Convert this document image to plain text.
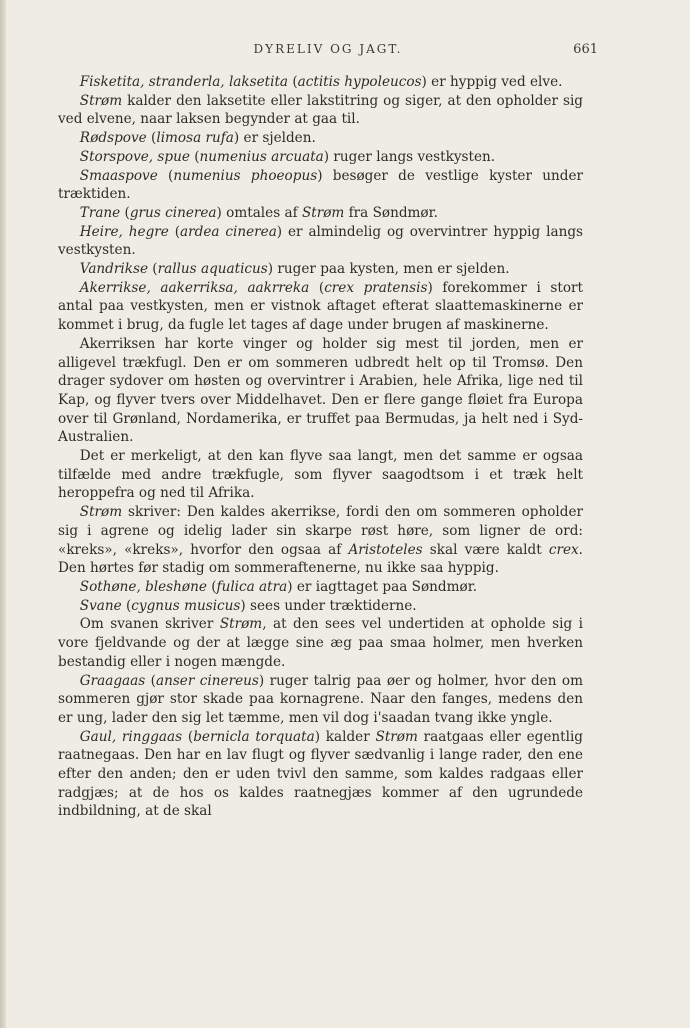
DYRELIV OG JAGT.	661

Fisketita, stranderla, laksetita (actitis hypoleucos) er hyppig ved elve.

Strøm kalder den laksetite eller lakstitring og siger, at den opholder sig ved elvene, naar laksen begynder at gaa til.

Rødspove (limosa rufa) er sjelden.

Storspove, spue (numenius arcuata) ruger langs vestkysten.

Smaaspove (numenius phoeopus) besøger de vestlige kyster under træktiden.

Trane (grus cinerea) omtales af Strøm fra Søndmør.

Heire, hegre (ardea cinerea) er almindelig og overvintrer hyppig langs vestkysten.

Vandrikse (rallus aquaticus) ruger paa kysten, men er sjelden.

Akerrikse, aakerriksa, aakrreka (crex pratensis) forekommer i stort antal paa vestkysten, men er vistnok aftaget efterat slaattemaskinerne er kommet i brug, da fugle let tages af dage under brugen af maskinerne.

Akerriksen har korte vinger og holder sig mest til jorden, men er alligevel trækfugl. Den er om sommeren udbredt helt op til Tromsø. Den drager sydover om høsten og overvintrer i Arabien, hele Afrika, lige ned til Kap, og flyver tvers over Middelhavet. Den er flere gange fløiet fra Europa over til Grønland, Nordamerika, er truffet paa Bermudas, ja helt ned i Syd-Australien.

Det er merkeligt, at den kan flyve saa langt, men det samme er ogsaa tilfælde med andre trækfugle, som flyver saagodtsom i et træk helt heroppefra og ned til Afrika.

Strøm skriver: Den kaldes akerrikse, fordi den om sommeren opholder sig i agrene og idelig lader sin skarpe røst høre, som ligner de ord: «kreks», «kreks», hvorfor den ogsaa af Aristoteles skal være kaldt crex. Den hørtes før stadig om sommeraftenerne, nu ikke saa hyppig.

Sothøne, bleshøne (fulica atra) er iagttaget paa Søndmør.

Svane (cygnus musicus) sees under træktiderne.

Om svanen skriver Strøm, at den sees vel undertiden at opholde sig i vore fjeldvande og der at lægge sine æg paa smaa holmer, men hverken bestandig eller i nogen mængde.

Graagaas (anser cinereus) ruger talrig paa øer og holmer, hvor den om sommeren gjør stor skade paa kornagrene. Naar den fanges, medens den er ung, lader den sig let tæmme, men vil dog i'saadan tvang ikke yngle.

Gaul, ringgaas (bernicla torquata) kalder Strøm raatgaas eller egentlig raatnegaas. Den har en lav flugt og flyver sædvanlig i lange rader, den ene efter den anden; den er uden tvivl den samme, som kaldes radgaas eller radgjæs; at de hos os kaldes raatnegjæs kommer af den ugrundede indbildning, at de skal
